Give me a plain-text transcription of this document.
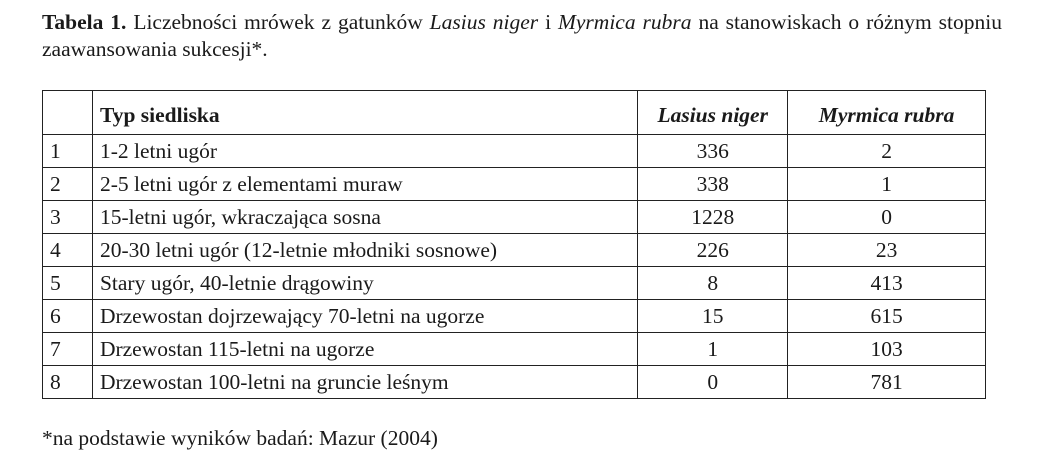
Tabela 1. Liczebności mrówek z gatunków Lasius niger i Myrmica rubra na stanowiskach o różnym stopniu zaawansowania sukcesji*.
	Typ siedliska	Lasius niger	Myrmica rubra
1	1-2 letni ugór	336	2
2	2-5 letni ugór z elementami muraw	338	1
3	15-letni ugór, wkraczająca sosna	1228	0
4	20-30 letni ugór (12-letnie młodniki sosnowe)	226	23
5	Stary ugór, 40-letnie drągowiny	8	413
6	Drzewostan dojrzewający 70-letni na ugorze	15	615
7	Drzewostan 115-letni na ugorze	1	103
8	Drzewostan 100-letni na gruncie leśnym	0	781
*na podstawie wyników badań: Mazur (2004)
